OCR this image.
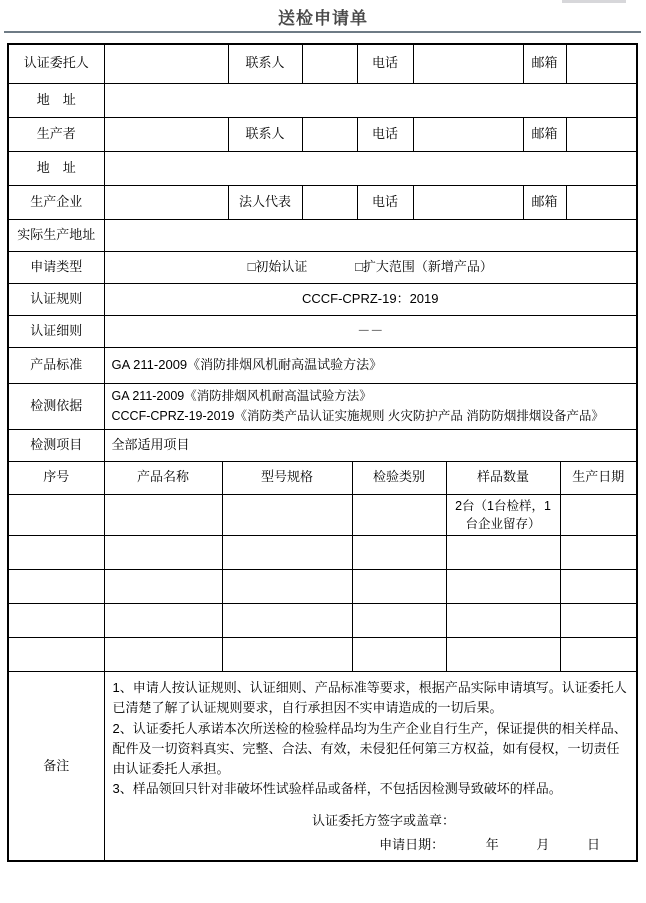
送检申请单
认证委托人		联系人		电话		邮箱	
地　址							
生产者		联系人		电话		邮箱	
地　址							
生产企业		法人代表		电话		邮箱	
实际生产地址							
申请类型	□初始认证 □扩大范围（新增产品）						
认证规则	CCCF-CPRZ-19：2019						
认证细则	－－						
产品标准	GA 211-2009《消防排烟风机耐高温试验方法》						
检测依据	GA 211-2009《消防排烟风机耐高温试验方法》
CCCF-CPRZ-19-2019《消防类产品认证实施规则 火灾防护产品 消防防烟排烟设备产品》						

检测项目	全部适用项目						
序号	产品名称	型号规格	检验类别	样品数量	生产日期
				2台（1台检样，1台企业留存）	

备注	

1、申请人按认证规则、认证细则、产品标准等要求，根据产品实际申请填写。认证委托人已清楚了解了认证规则要求，自行承担因不实申请造成的一切后果。

2、认证委托人承诺本次所送检的检验样品均为生产企业自行生产，保证提供的相关样品、配件及一切资料真实、完整、合法、有效，未侵犯任何第三方权益，如有侵权，一切责任由认证委托人承担。

3、样品领回只针对非破坏性试验样品或备样，不包括因检测导致破坏的样品。

认证委托方签字或盖章：
申请日期：	年	月	日
